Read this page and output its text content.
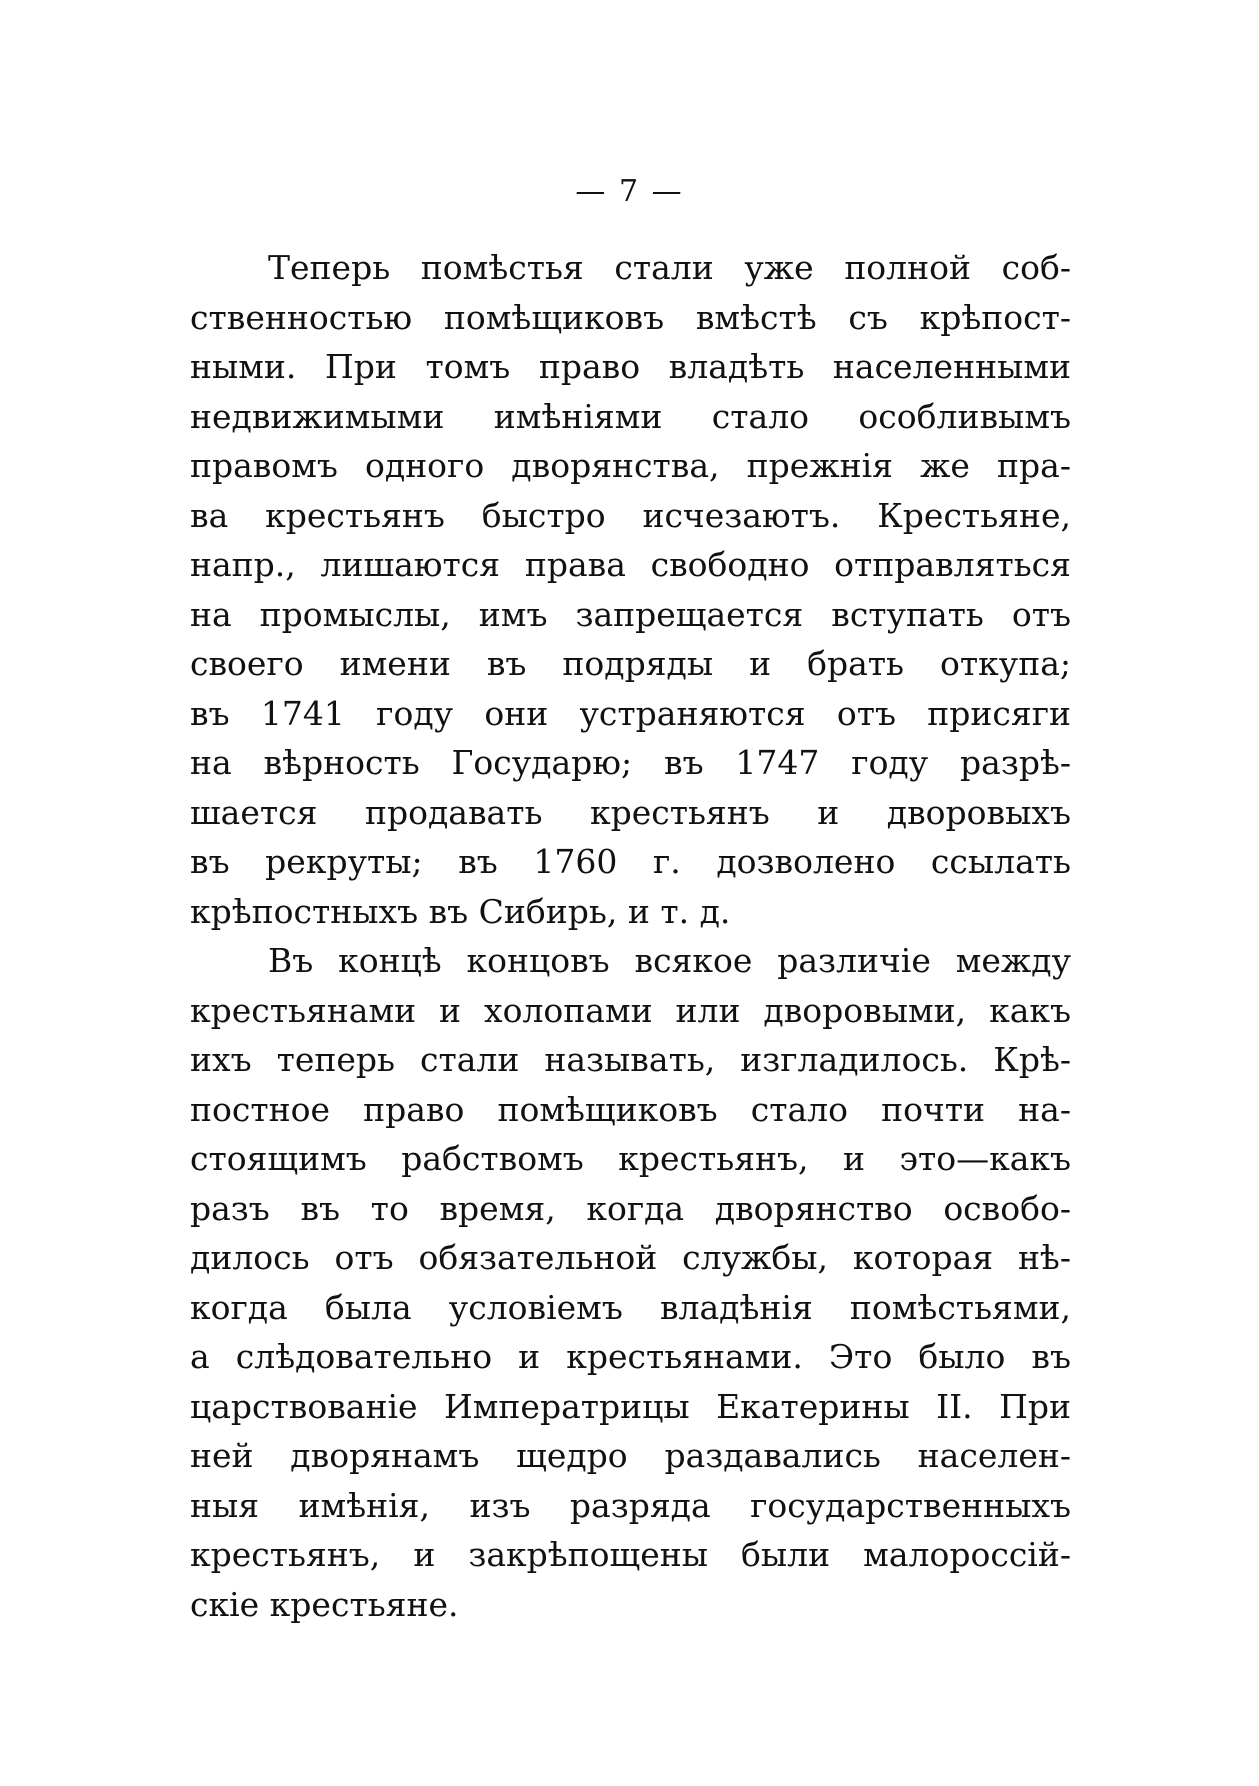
— 7 —

Теперь помѣстья стали уже полной соб-
ственностью помѣщиковъ вмѣстѣ съ крѣпост-
ными. При томъ право владѣть населенными
недвижимыми имѣніями стало особливымъ
правомъ одного дворянства, прежнія же пра-
ва крестьянъ быстро исчезаютъ. Крестьяне,
напр., лишаются права свободно отправляться
на промыслы, имъ запрещается вступать отъ
своего имени въ подряды и брать откупа;
въ 1741 году они устраняются отъ присяги
на вѣрность Государю; въ 1747 году разрѣ-
шается продавать крестьянъ и дворовыхъ
въ рекруты; въ 1760 г. дозволено ссылать
крѣпостныхъ въ Сибирь, и т. д.

Въ концѣ концовъ всякое различіе между
крестьянами и холопами или дворовыми, какъ
ихъ теперь стали называть, изгладилось. Крѣ-
постное право помѣщиковъ стало почти на-
стоящимъ рабствомъ крестьянъ, и это—какъ
разъ въ то время, когда дворянство освобо-
дилось отъ обязательной службы, которая нѣ-
когда была условіемъ владѣнія помѣстьями,
а слѣдовательно и крестьянами. Это было въ
царствованіе Императрицы Екатерины II. При
ней дворянамъ щедро раздавались населен-
ныя имѣнія, изъ разряда государственныхъ
крестьянъ, и закрѣпощены были малороссій-
скіе крестьяне.
